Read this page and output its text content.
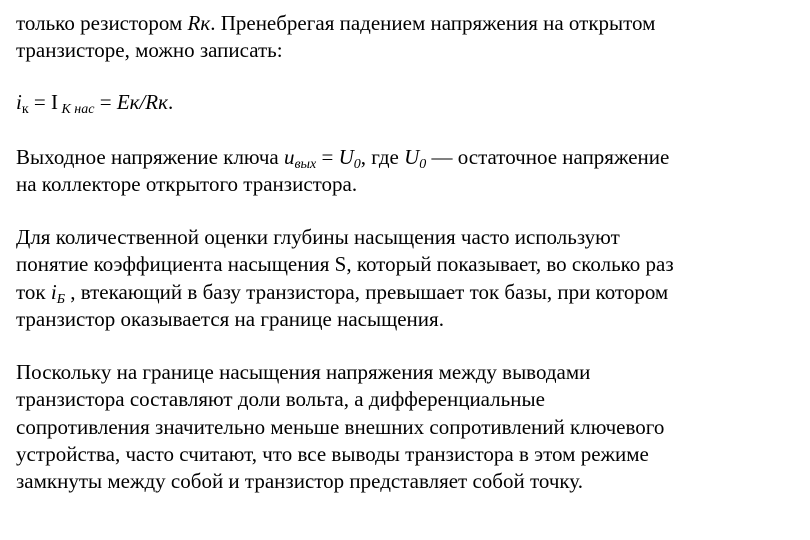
только резистором Rк. Пренебрегая падением напряжения на открытом
транзисторе, можно записать:

$i_к = I$ $_{К нас}$ = Eк/Rк.

Выходное напряжение ключа $u_{вых} = U_0$, где $U_0$ — остаточное напряжение
на коллекторе открытого транзистора.

Для количественной оценки глубины насыщения часто используют
понятие коэффициента насыщения S, который показывает, во сколько раз
ток $i_Б$ , втекающий в базу транзистора, превышает ток базы, при котором
транзистор оказывается на границе насыщения.

Поскольку на границе насыщения напряжения между выводами
транзистора составляют доли вольта, а дифференциальные
сопротивления значительно меньше внешних сопротивлений ключевого
устройства, часто считают, что все выводы транзистора в этом режиме
замкнуты между собой и транзистор представляет собой точку.
